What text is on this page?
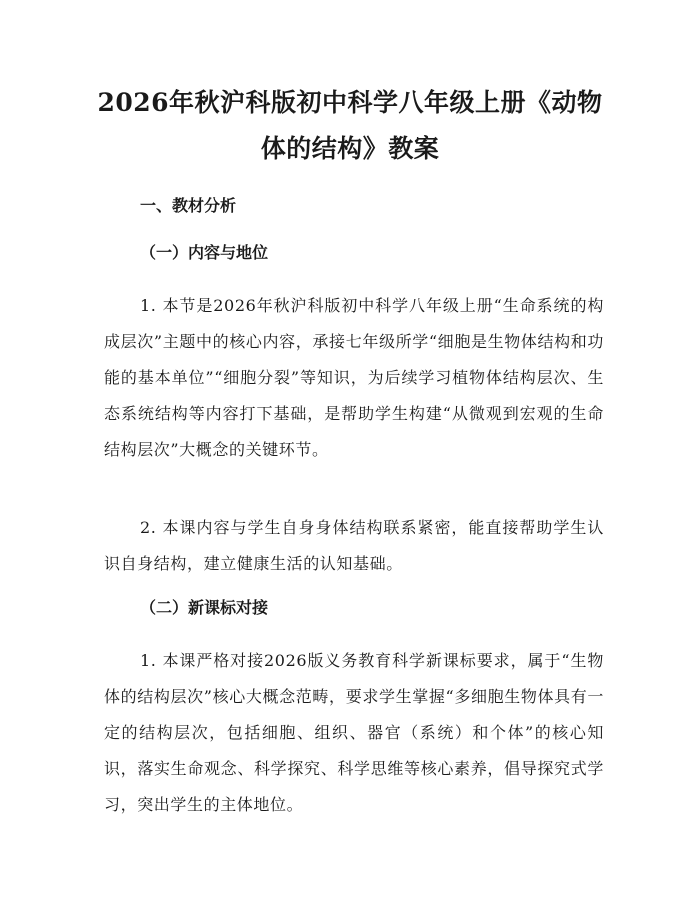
2026年秋沪科版初中科学八年级上册《动物体的结构》教案
一、教材分析
（一）内容与地位

1. 本节是2026年秋沪科版初中科学八年级上册“生命系统的构成层次”主题中的核心内容，承接七年级所学“细胞是生物体结构和功能的基本单位”“细胞分裂”等知识，为后续学习植物体结构层次、生态系统结构等内容打下基础，是帮助学生构建“从微观到宏观的生命结构层次”大概念的关键环节。

2. 本课内容与学生自身身体结构联系紧密，能直接帮助学生认识自身结构，建立健康生活的认知基础。

（二）新课标对接

1. 本课严格对接2026版义务教育科学新课标要求，属于“生物体的结构层次”核心大概念范畴，要求学生掌握“多细胞生物体具有一定的结构层次，包括细胞、组织、器官（系统）和个体”的核心知识，落实生命观念、科学探究、科学思维等核心素养，倡导探究式学习，突出学生的主体地位。
